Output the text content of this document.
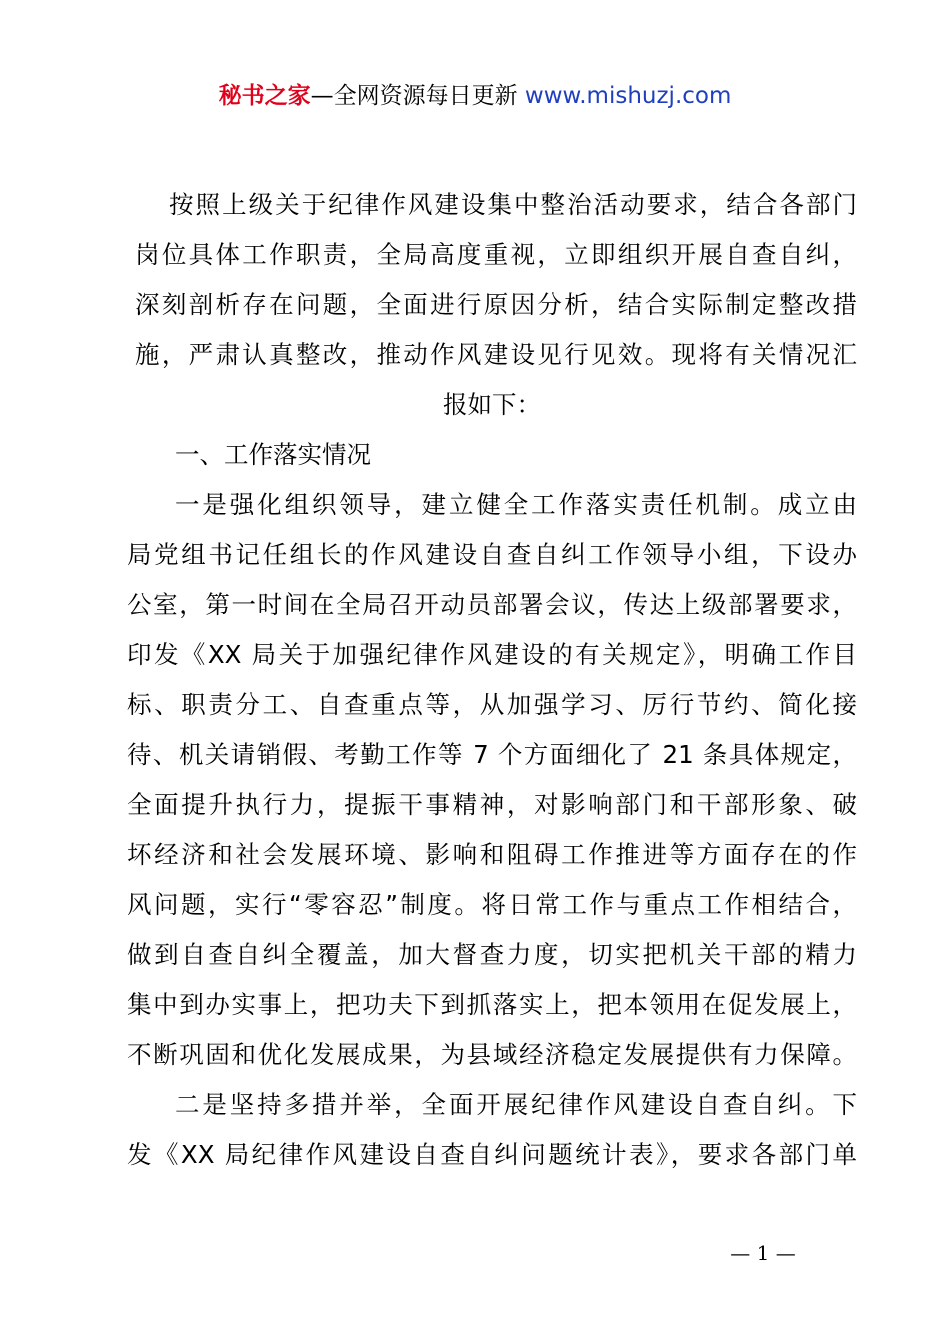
秘书之家—全网资源每日更新 www.mishuzj.com
按照上级关于纪律作风建设集中整治活动要求，结合各部门
岗位具体工作职责，全局高度重视，立即组织开展自查自纠，
深刻剖析存在问题，全面进行原因分析，结合实际制定整改措
施，严肃认真整改，推动作风建设见行见效。现将有关情况汇
报如下：
一、工作落实情况
一是强化组织领导，建立健全工作落实责任机制。成立由
局党组书记任组长的作风建设自查自纠工作领导小组，下设办
公室，第一时间在全局召开动员部署会议，传达上级部署要求，
印发《XX 局关于加强纪律作风建设的有关规定》，明确工作目
标、职责分工、自查重点等，从加强学习、厉行节约、简化接
待、机关请销假、考勤工作等 7 个方面细化了 21 条具体规定，
全面提升执行力，提振干事精神，对影响部门和干部形象、破
坏经济和社会发展环境、影响和阻碍工作推进等方面存在的作
风问题，实行“零容忍”制度。将日常工作与重点工作相结合，
做到自查自纠全覆盖，加大督查力度，切实把机关干部的精力
集中到办实事上，把功夫下到抓落实上，把本领用在促发展上，
不断巩固和优化发展成果，为县域经济稳定发展提供有力保障。
二是坚持多措并举，全面开展纪律作风建设自查自纠。下
发《XX 局纪律作风建设自查自纠问题统计表》，要求各部门单
— 1 —
